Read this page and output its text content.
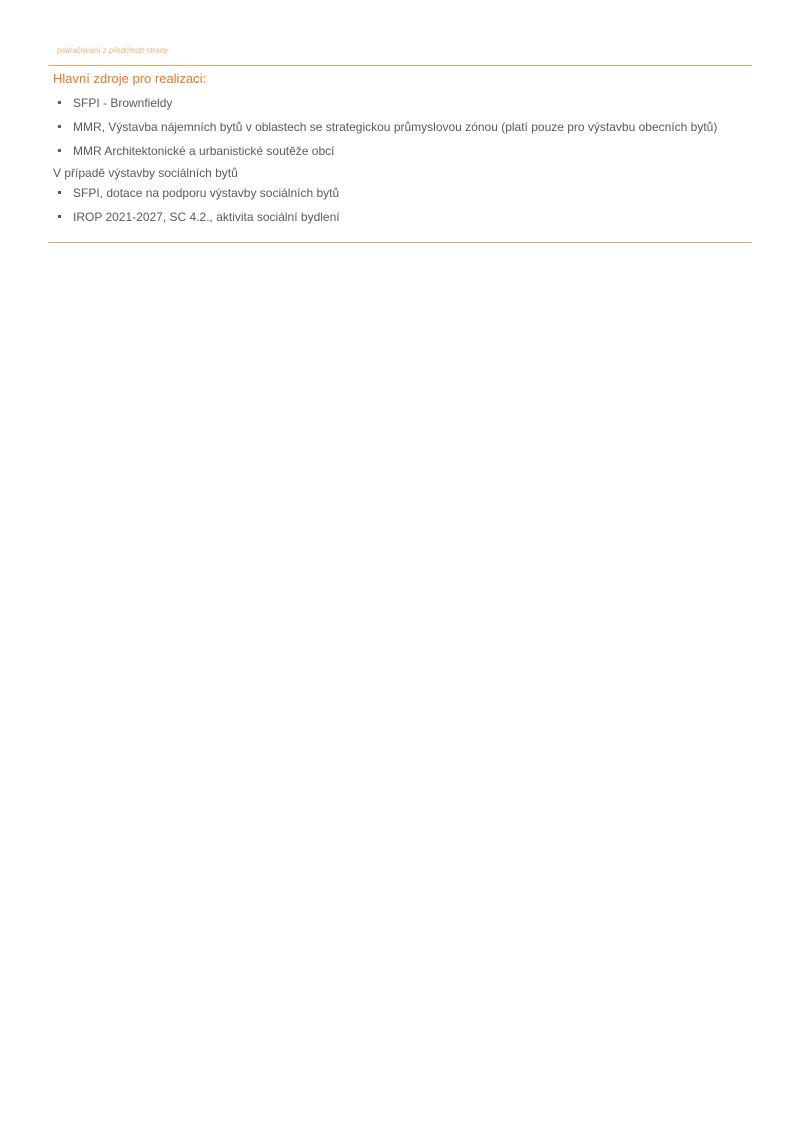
pokračování z předchozí strany

Hlavní zdroje pro realizaci:
SFPI - Brownfieldy
MMR, Výstavba nájemních bytů v oblastech se strategickou průmyslovou zónou (platí pouze pro výstavbu obecních bytů)
MMR Architektonické a urbanistické soutěže obcí

V případě výstavby sociálních bytů

SFPI, dotace na podporu výstavby sociálních bytů
IROP 2021-2027, SC 4.2., aktivita sociální bydlení
